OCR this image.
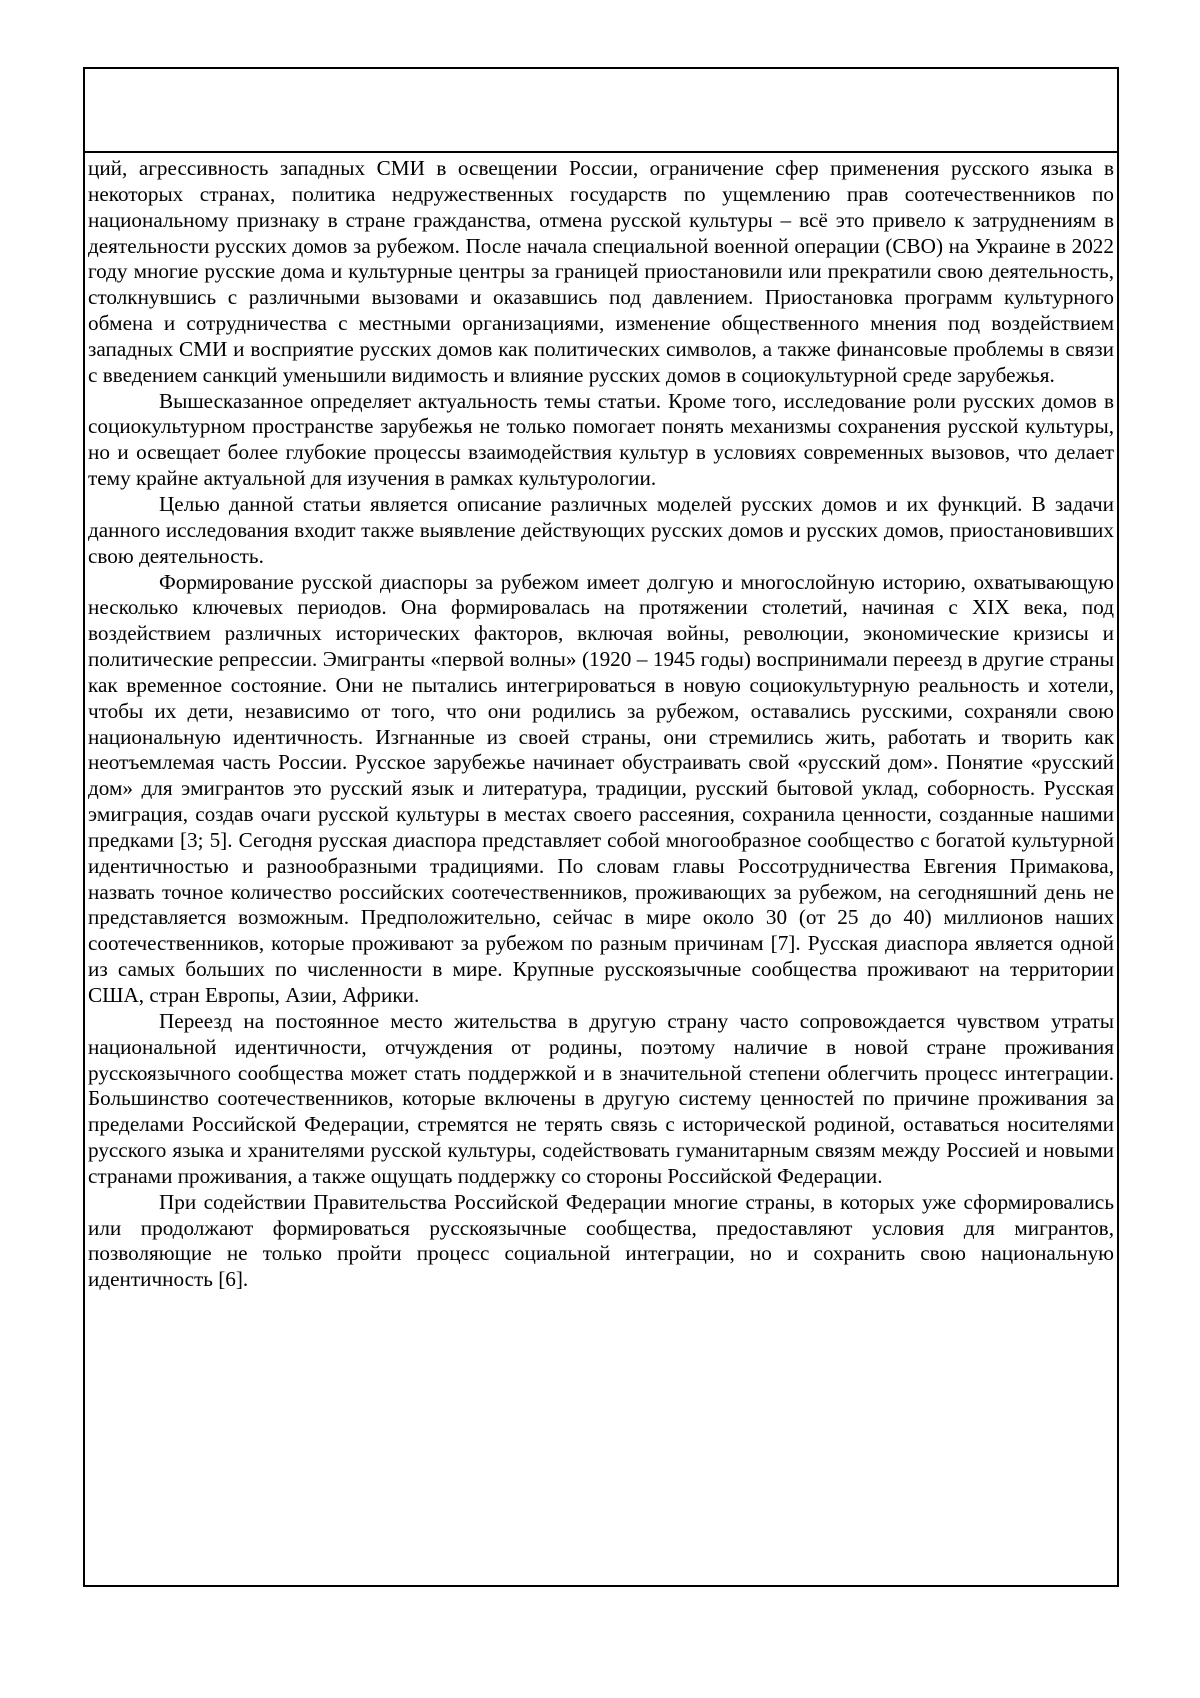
ций, агрессивность западных СМИ в освещении России, ограничение сфер применения русского языка в некоторых странах, политика недружественных государств по ущемлению прав соотечественников по национальному признаку в стране гражданства, отмена русской культуры – всё это привело к затруднениям в деятельности русских домов за рубежом. После начала специальной военной операции (СВО) на Украине в 2022 году многие русские дома и культурные центры за границей приостановили или прекратили свою деятельность, столкнувшись с различными вызовами и оказавшись под давлением. Приостановка программ культурного обмена и сотрудничества с местными организациями, изменение общественного мнения под воздействием западных СМИ и восприятие русских домов как политических символов, а также финансовые проблемы в связи с введением санкций уменьшили видимость и влияние русских домов в социокультурной среде зарубежья.

Вышесказанное определяет актуальность темы статьи. Кроме того, исследование роли русских домов в социокультурном пространстве зарубежья не только помогает понять механизмы сохранения русской культуры, но и освещает более глубокие процессы взаимодействия культур в условиях современных вызовов, что делает тему крайне актуальной для изучения в рамках культурологии.

Целью данной статьи является описание различных моделей русских домов и их функций. В задачи данного исследования входит также выявление действующих русских домов и русских домов, приостановивших свою деятельность.

Формирование русской диаспоры за рубежом имеет долгую и многослойную историю, охватывающую несколько ключевых периодов. Она формировалась на протяжении столетий, начиная с XIX века, под воздействием различных исторических факторов, включая войны, революции, экономические кризисы и политические репрессии. Эмигранты «первой волны» (1920 – 1945 годы) воспринимали переезд в другие страны как временное состояние. Они не пытались интегрироваться в новую социокультурную реальность и хотели, чтобы их дети, независимо от того, что они родились за рубежом, оставались русскими, сохраняли свою национальную идентичность. Изгнанные из своей страны, они стремились жить, работать и творить как неотъемлемая часть России. Русское зарубежье начинает обустраивать свой «русский дом». Понятие «русский дом» для эмигрантов это русский язык и литература, традиции, русский бытовой уклад, соборность. Русская эмиграция, создав очаги русской культуры в местах своего рассеяния, сохранила ценности, созданные нашими предками [3; 5]. Сегодня русская диаспора представляет собой многообразное сообщество с богатой культурной идентичностью и разнообразными традициями. По словам главы Россотрудничества Евгения Примакова, назвать точное количество российских соотечественников, проживающих за рубежом, на сегодняшний день не представляется возможным. Предположительно, сейчас в мире около 30 (от 25 до 40) миллионов наших соотечественников, которые проживают за рубежом по разным причинам [7]. Русская диаспора является одной из самых больших по численности в мире. Крупные русскоязычные сообщества проживают на территории США, стран Европы, Азии, Африки.

Переезд на постоянное место жительства в другую страну часто сопровождается чувством утраты национальной идентичности, отчуждения от родины, поэтому наличие в новой стране проживания русскоязычного сообщества может стать поддержкой и в значительной степени облегчить процесс интеграции. Большинство соотечественников, которые включены в другую систему ценностей по причине проживания за пределами Российской Федерации, стремятся не терять связь с исторической родиной, оставаться носителями русского языка и хранителями русской культуры, содействовать гуманитарным связям между Россией и новыми странами проживания, а также ощущать поддержку со стороны Российской Федерации.

При содействии Правительства Российской Федерации многие страны, в которых уже сформировались или продолжают формироваться русскоязычные сообщества, предоставляют условия для мигрантов, позволяющие не только пройти процесс социальной интеграции, но и сохранить свою национальную идентичность [6].
